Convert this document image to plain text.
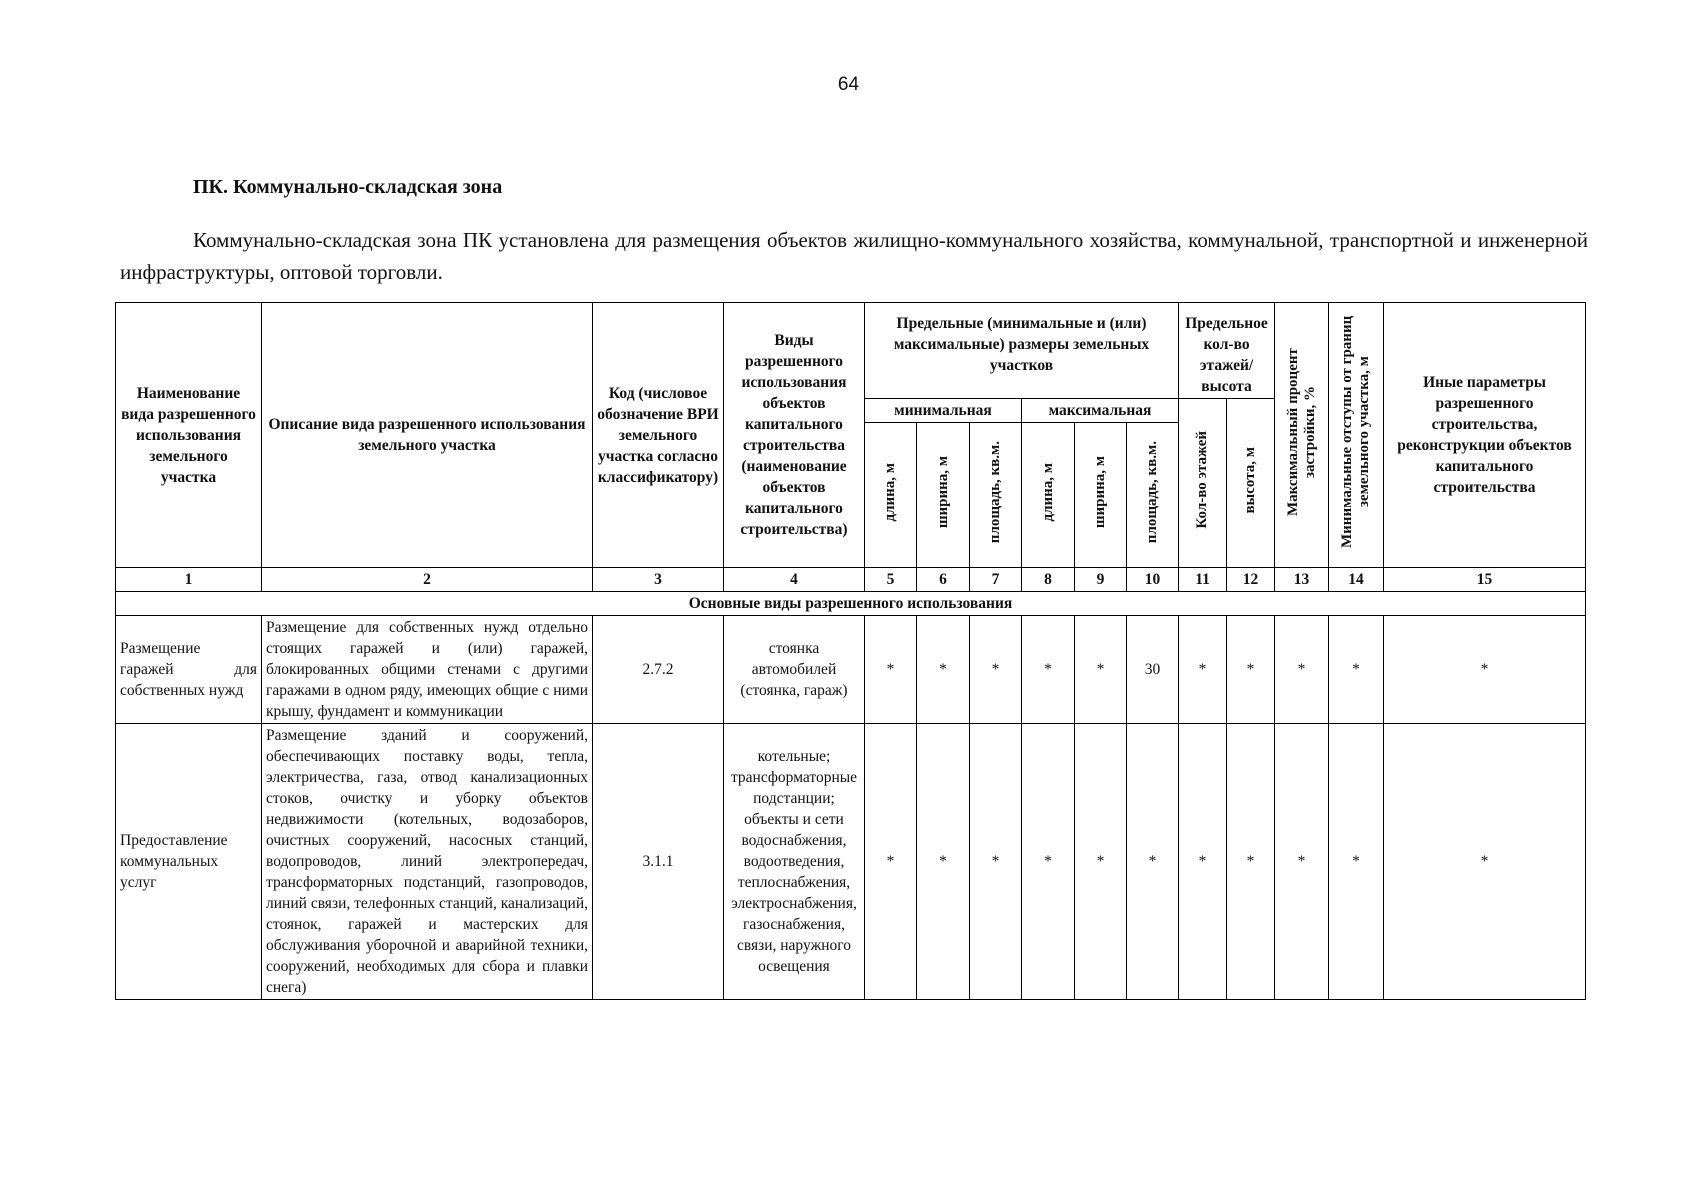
64
ПК. Коммунально-складская зона
Коммунально-складская зона ПК установлена для размещения объектов жилищно-коммунального хозяйства, коммунальной, транспортной и инженерной инфраструктуры, оптовой торговли.
Наименование вида разрешенного использования земельного участка	Описание вида разрешенного использования земельного участка	Код (числовое обозначение ВРИ земельного участка согласно классификатору)	Виды разрешенного использования объектов капитального строительства (наименование объектов капитального строительства)	Предельные (минимальные и (или) максимальные) размеры земельных участков						Предельное кол-во этажей/ высота		Максимальный процент застройки, %	Минимальные отступы от границ земельного участка, м	Иные параметры разрешенного строительства, реконструкции объектов капитального строительства
				минимальная			максимальная			Кол-во этажей	высота, м			
				длина, м	ширина, м	площадь, кв.м.	длина, м	ширина, м	площадь, кв.м.					
1	2	3	4	5	6	7	8	9	10	11	12	13	14	15
Основные виды разрешенного использования														
Размещение гаражей для собственных нужд	Размещение для собственных нужд отдельно стоящих гаражей и (или) гаражей, блокированных общими стенами с другими гаражами в одном ряду, имеющих общие с ними крышу, фундамент и коммуникации	2.7.2	стоянка автомобилей (стоянка, гараж)	*	*	*	*	*	30	*	*	*	*	*
Предоставление коммунальных услуг	Размещение зданий и сооружений, обеспечивающих поставку воды, тепла, электричества, газа, отвод канализационных стоков, очистку и уборку объектов недвижимости (котельных, водозаборов, очистных сооружений, насосных станций, водопроводов, линий электропередач, трансформаторных подстанций, газопроводов, линий связи, телефонных станций, канализаций, стоянок, гаражей и мастерских для обслуживания уборочной и аварийной техники, сооружений, необходимых для сбора и плавки снега)	3.1.1	котельные; трансформаторные подстанции; объекты и сети водоснабжения, водоотведения, теплоснабжения, электроснабжения, газоснабжения, связи, наружного освещения	*	*	*	*	*	*	*	*	*	*	*
